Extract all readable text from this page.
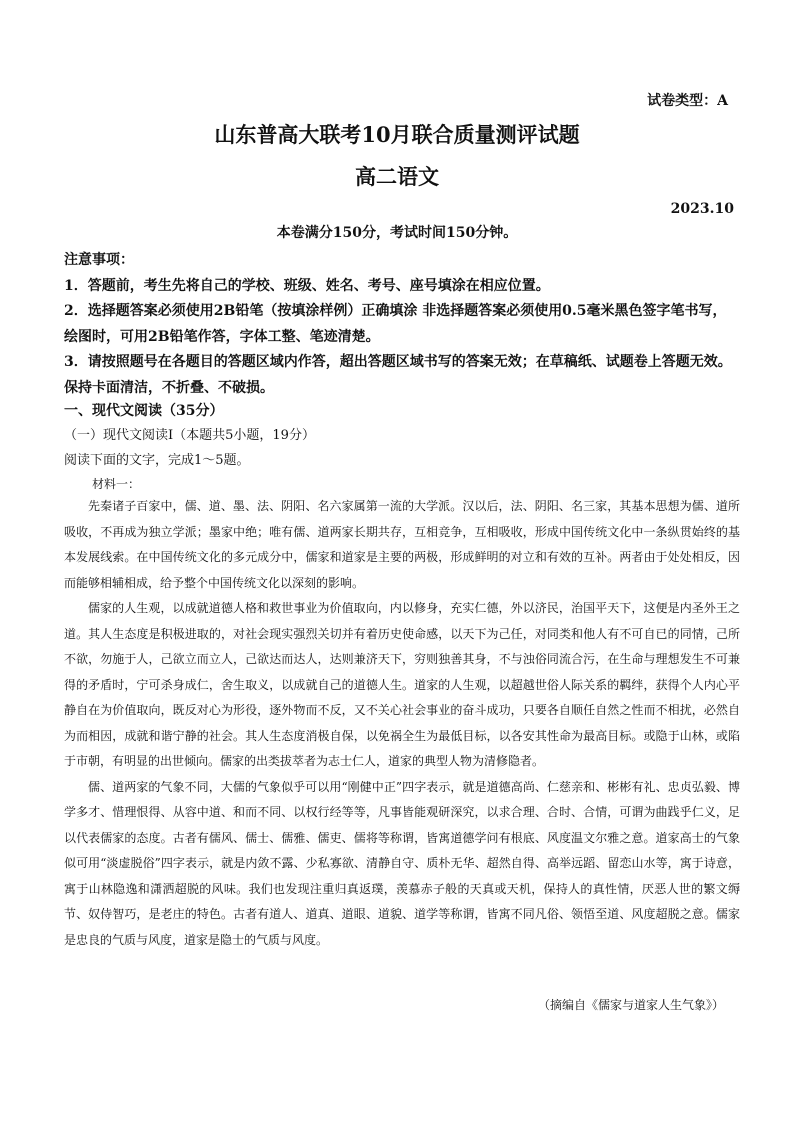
试卷类型：A
山东普高大联考10月联合质量测评试题
高二语文
2023.10
本卷满分150分，考试时间150分钟。

注意事项：

1．答题前，考生先将自己的学校、班级、姓名、考号、座号填涂在相应位置。

2．选择题答案必须使用2B铅笔（按填涂样例）正确填涂 非选择题答案必须使用0.5毫米黑色签字笔书写，绘图时，可用2B铅笔作答，字体工整、笔迹清楚。

3．请按照题号在各题目的答题区域内作答，超出答题区域书写的答案无效；在草稿纸、试题卷上答题无效。保持卡面清洁，不折叠、不破损。

一、现代文阅读（35分）
（一）现代文阅读Ⅰ（本题共5小题，19分）
阅读下面的文字，完成1～5题。
材料一：

先秦诸子百家中，儒、道、墨、法、阴阳、名六家属第一流的大学派。汉以后，法、阴阳、名三家，其基本思想为儒、道所吸收，不再成为独立学派；墨家中绝；唯有儒、道两家长期共存，互相竞争，互相吸收，形成中国传统文化中一条纵贯始终的基本发展线索。在中国传统文化的多元成分中，儒家和道家是主要的两极，形成鲜明的对立和有效的互补。两者由于处处相反，因而能够相辅相成，给予整个中国传统文化以深刻的影响。

儒家的人生观，以成就道德人格和救世事业为价值取向，内以修身，充实仁德，外以济民，治国平天下，这便是内圣外王之道。其人生态度是积极进取的，对社会现实强烈关切并有着历史使命感，以天下为己任，对同类和他人有不可自已的同情，己所不欲，勿施于人，己欲立而立人，己欲达而达人，达则兼济天下，穷则独善其身，不与浊俗同流合污，在生命与理想发生不可兼得的矛盾时，宁可杀身成仁，舍生取义，以成就自己的道德人生。道家的人生观，以超越世俗人际关系的羁绊，获得个人内心平静自在为价值取向，既反对心为形役，逐外物而不反，又不关心社会事业的奋斗成功，只要各自顺任自然之性而不相扰，必然自为而相因，成就和谐宁静的社会。其人生态度消极自保，以免祸全生为最低目标，以各安其性命为最高目标。或隐于山林，或陷于市朝，有明显的出世倾向。儒家的出类拔萃者为志士仁人，道家的典型人物为清修隐者。

儒、道两家的气象不同，大儒的气象似乎可以用“刚健中正”四字表示，就是道德高尚、仁慈亲和、彬彬有礼、忠贞弘毅、博学多才、惜理恨得、从容中道、和而不同、以权行经等等，凡事皆能观研深究，以求合理、合时、合情，可谓为曲践乎仁义，足以代表儒家的态度。古者有儒风、儒士、儒雅、儒吏、儒将等称谓，皆寓道德学问有根底、风度温文尔雅之意。道家高士的气象似可用“淡虚脱俗”四字表示，就是内敛不露、少私寡欲、清静自守、质朴无华、超然自得、高举远蹈、留恋山水等，寓于诗意，寓于山林隐逸和潇洒超脱的风味。我们也发现注重归真返璞，羡慕赤子般的天真或天机，保持人的真性情，厌恶人世的繁文缛节、奴侍智巧，是老庄的特色。古者有道人、道真、道眼、道貌、道学等称谓，皆寓不同凡俗、领悟至道、风度超脱之意。儒家是忠良的气质与风度，道家是隐士的气质与风度。

（摘编自《儒家与道家人生气象》）
